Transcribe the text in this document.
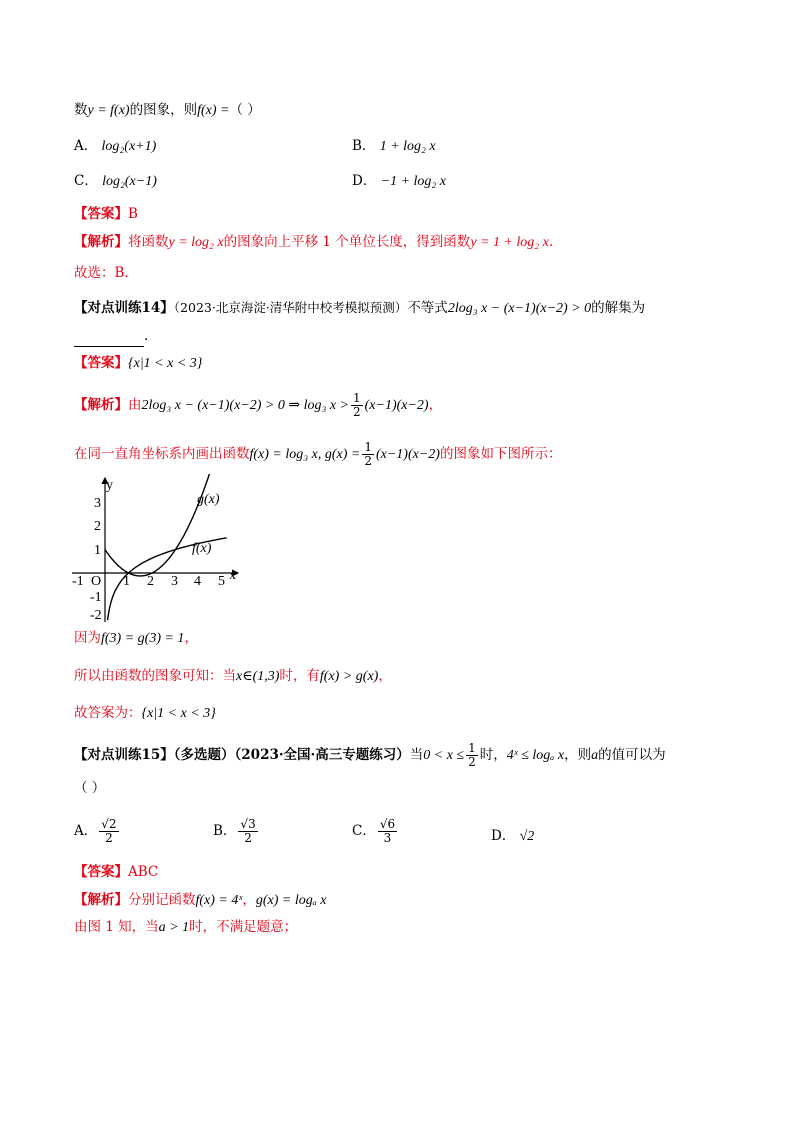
数y = f(x)的图象，则f(x) =（ ）
A． log₂(x+1)	B． 1 + log₂ x
C． log₂(x−1)	D． −1 + log₂ x
【答案】B
【解析】将函数y = log₂ x的图象向上平移 1 个单位长度，得到函数y = 1 + log₂ x.
故选：B.
【对点训练14】（2023·北京海淀·清华附中校考模拟预测）不等式2log₃ x − (x−1)(x−2) > 0的解集为
.
【答案】{x|1 < x < 3}
【解析】由2log₃ x − (x−1)(x−2) > 0 ⇒ log₃ $x > \frac{1}{2} (x-1)(x-2)$，
在同一直角坐标系内画出函数f(x) = log₃ x, $g(x) = \frac{1}{2} (x-1)(x-2)$的图象如下图所示：
y
x
O
-1	1 2 3 4 5
3
2
1
-1
-2
g(x)
f(x)
因为f(3) = g(3) = 1，
所以由函数的图象可知：当x∈(1,3)时，有f(x) > g(x)，
故答案为：{x|1 < x < 3}
【对点训练15】（多选题）（2023·全国·高三专题练习）当$0 < x \le \frac{1}{2}$ 时，4ˣ ≤ logₐ x，则a的值可以为
（ ）
A． $\frac{√2}{2}$	B． $\frac{√3}{2}$	C． $\frac{√6}{3}$	D． √2
【答案】ABC
【解析】分别记函数f(x) = 4ˣ，g(x) = logₐ x
由图 1 知，当a > 1时，不满足题意；
